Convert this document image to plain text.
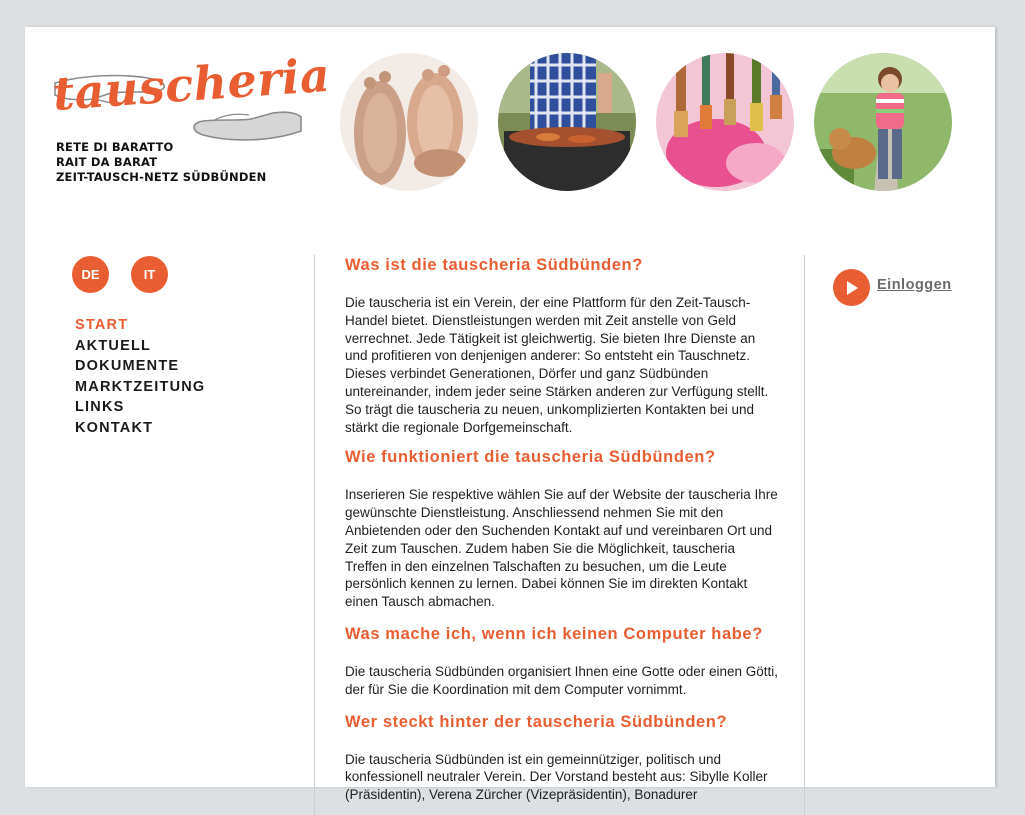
tauscheria
RETE DI BARATTO
RAIT DA BARAT
ZEIT-TAUSCH-NETZ SÜDBÜNDEN
DE	IT
START
AKTUELL
DOKUMENTE
MARKTZEITUNG
LINKS
KONTAKT
Was ist die tauscheria Südbünden?

Die tauscheria ist ein Verein, der eine Plattform für den Zeit-Tausch-Handel bietet. Dienstleistungen werden mit Zeit anstelle von Geld verrechnet. Jede Tätigkeit ist gleichwertig. Sie bieten Ihre Dienste an und profitieren von denjenigen anderer: So entsteht ein Tauschnetz. Dieses verbindet Generationen, Dörfer und ganz Südbünden untereinander, indem jeder seine Stärken anderen zur Verfügung stellt. So trägt die tauscheria zu neuen, unkomplizierten Kontakten bei und stärkt die regionale Dorfgemeinschaft.

Wie funktioniert die tauscheria Südbünden?

Inserieren Sie respektive wählen Sie auf der Website der tauscheria Ihre gewünschte Dienstleistung. Anschliessend nehmen Sie mit den Anbietenden oder den Suchenden Kontakt auf und vereinbaren Ort und Zeit zum Tauschen. Zudem haben Sie die Möglichkeit, tauscheria Treffen in den einzelnen Talschaften zu besuchen, um die Leute persönlich kennen zu lernen. Dabei können Sie im direkten Kontakt einen Tausch abmachen.

Was mache ich, wenn ich keinen Computer habe?

Die tauscheria Südbünden organisiert Ihnen eine Gotte oder einen Götti, der für Sie die Koordination mit dem Computer vornimmt.

Wer steckt hinter der tauscheria Südbünden?

Die tauscheria Südbünden ist ein gemeinnütziger, politisch und konfessionell neutraler Verein. Der Vorstand besteht aus: Sibylle Koller (Präsidentin), Verena Zürcher (Vizepräsidentin), Bonadurer

Einloggen
